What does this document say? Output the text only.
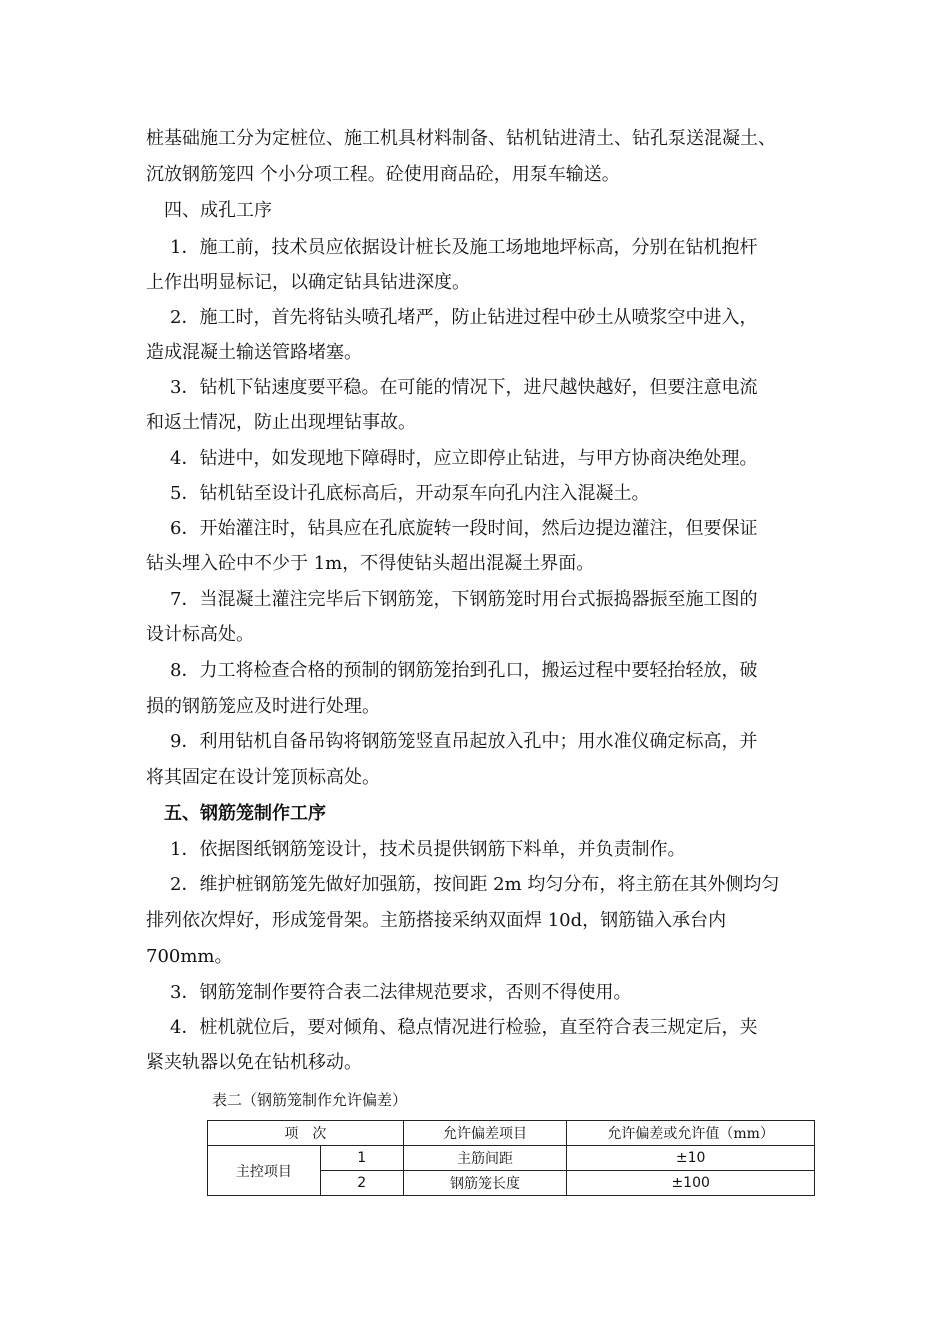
桩基础施工分为定桩位、施工机具材料制备、钻机钻进清土、钻孔泵送混凝土、
沉放钢筋笼四 个小分项工程。砼使用商品砼，用泵车输送。
四、成孔工序
1．施工前，技术员应依据设计桩长及施工场地地坪标高，分别在钻机抱杆
上作出明显标记，以确定钻具钻进深度。
2．施工时，首先将钻头喷孔堵严，防止钻进过程中砂土从喷浆空中进入，
造成混凝土输送管路堵塞。
3．钻机下钻速度要平稳。在可能的情况下，进尺越快越好，但要注意电流
和返土情况，防止出现埋钻事故。
4．钻进中，如发现地下障碍时，应立即停止钻进，与甲方协商决绝处理。
5．钻机钻至设计孔底标高后，开动泵车向孔内注入混凝土。
6．开始灌注时，钻具应在孔底旋转一段时间，然后边提边灌注，但要保证
钻头埋入砼中不少于 1m，不得使钻头超出混凝土界面。
7．当混凝土灌注完毕后下钢筋笼，下钢筋笼时用台式振捣器振至施工图的
设计标高处。
8．力工将检查合格的预制的钢筋笼抬到孔口，搬运过程中要轻抬轻放，破
损的钢筋笼应及时进行处理。
9．利用钻机自备吊钩将钢筋笼竖直吊起放入孔中；用水准仪确定标高，并
将其固定在设计笼顶标高处。
五、钢筋笼制作工序
1．依据图纸钢筋笼设计，技术员提供钢筋下料单，并负责制作。
2．维护桩钢筋笼先做好加强筋，按间距 2m 均匀分布，将主筋在其外侧均匀
排列依次焊好，形成笼骨架。主筋搭接采纳双面焊 10d，钢筋锚入承台内
700mm。
3．钢筋笼制作要符合表二法律规范要求，否则不得使用。
4．桩机就位后，要对倾角、稳点情况进行检验，直至符合表三规定后，夹
紧夹轨器以免在钻机移动。
表二（钢筋笼制作允许偏差）
项　次		允许偏差项目	允许偏差或允许值（mm）
主控项目	1	主筋间距	±10
	2	钢筋笼长度	±100
